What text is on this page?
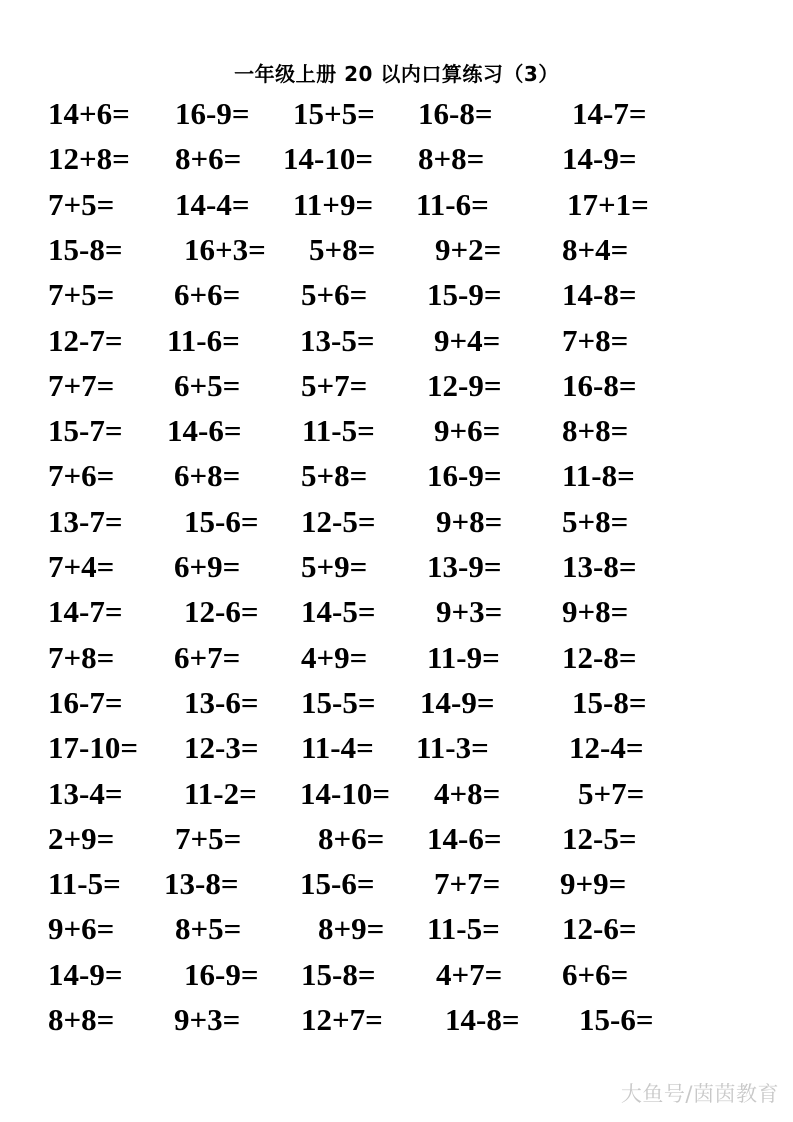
一年级上册 20 以内口算练习（3）
14+6= 16-9= 15+5= 16-8=	14-7=
12+8= 8+6= 14-10= 8+8=	14-9=
7+5= 14-4= 11+9= 11-6=	17+1=
15-8= 16+3= 5+8= 9+2= 8+4=
7+5= 6+6= 5+6= 15-9= 14-8=
12-7= 11-6= 13-5= 9+4= 7+8=
7+7= 6+5= 5+7= 12-9= 16-8=
15-7= 14-6= 11-5= 9+6= 8+8=
7+6= 6+8= 5+8= 16-9= 11-8=
13-7= 15-6= 12-5= 9+8= 5+8=
7+4= 6+9= 5+9= 13-9= 13-8=
14-7= 12-6= 14-5= 9+3= 9+8=
7+8= 6+7= 4+9= 11-9= 12-8=
16-7= 13-6= 15-5= 14-9=	15-8=
17-10= 12-3= 11-4= 11-3=	12-4=
13-4= 11-2= 14-10= 4+8=	5+7=
2+9= 7+5= 8+6= 14-6= 12-5=
11-5= 13-8= 15-6= 7+7= 9+9=
9+6= 8+5= 8+9= 11-5= 12-6=
14-9= 16-9= 15-8= 4+7= 6+6=
8+8= 9+3= 12+7= 14-8= 15-6=
大鱼号/茵茵教育
